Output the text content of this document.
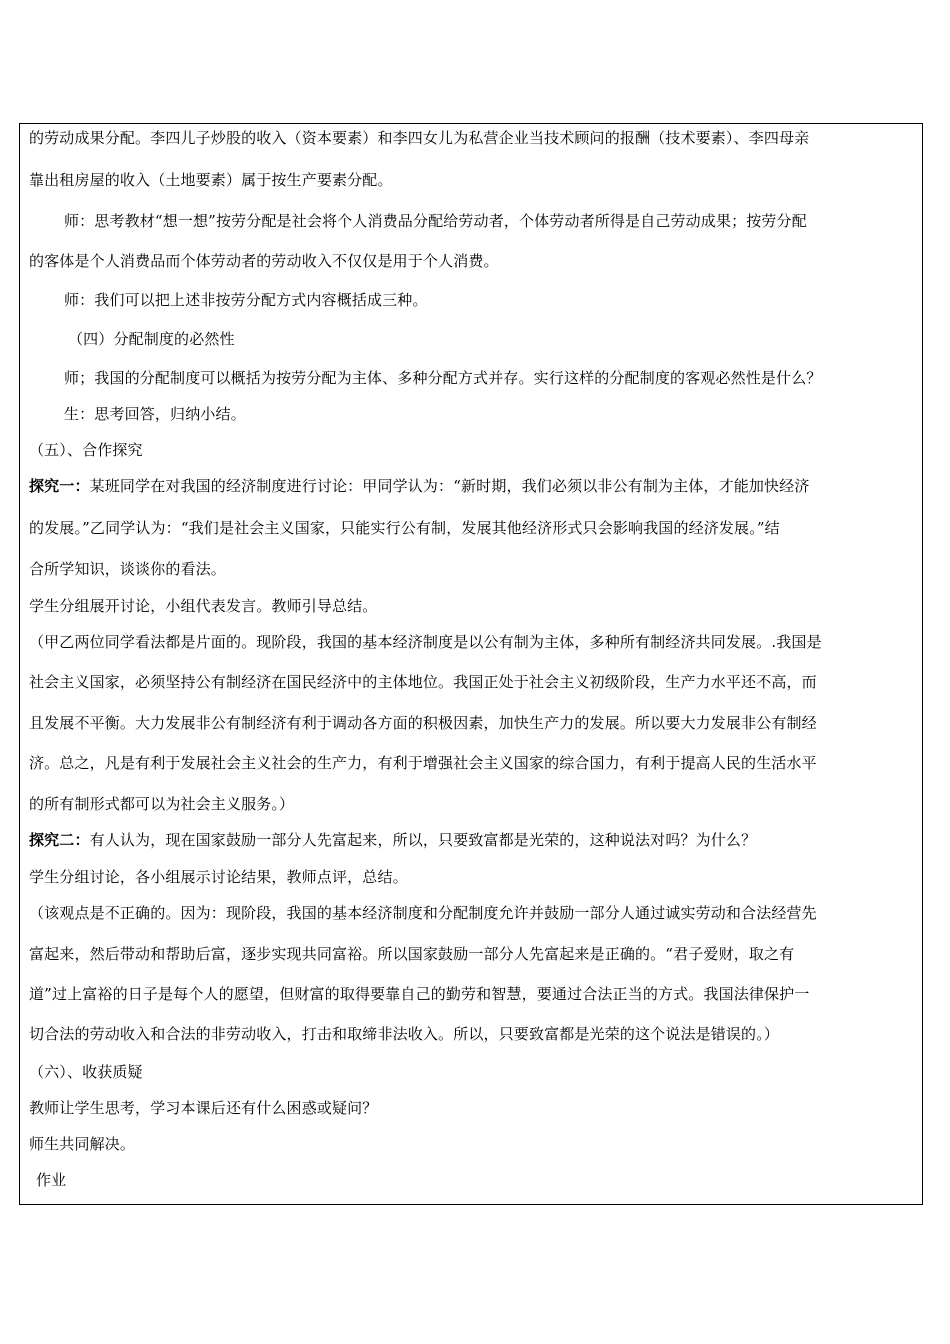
的劳动成果分配。李四儿子炒股的收入（资本要素）和李四女儿为私营企业当技术顾问的报酬（技术要素）、李四母亲
靠出租房屋的收入（土地要素）属于按生产要素分配。
师：思考教材“想一想”按劳分配是社会将个人消费品分配给劳动者，个体劳动者所得是自己劳动成果；按劳分配
的客体是个人消费品而个体劳动者的劳动收入不仅仅是用于个人消费。
师：我们可以把上述非按劳分配方式内容概括成三种。
（四）分配制度的必然性
师；我国的分配制度可以概括为按劳分配为主体、多种分配方式并存。实行这样的分配制度的客观必然性是什么？
生：思考回答，归纳小结。
（五）、合作探究
探究一：某班同学在对我国的经济制度进行讨论：甲同学认为：“新时期，我们必须以非公有制为主体，才能加快经济
的发展。”乙同学认为：“我们是社会主义国家，只能实行公有制，发展其他经济形式只会影响我国的经济发展。”结
合所学知识，谈谈你的看法。
学生分组展开讨论，小组代表发言。教师引导总结。
（甲乙两位同学看法都是片面的。现阶段，我国的基本经济制度是以公有制为主体，多种所有制经济共同发展。.我国是
社会主义国家，必须坚持公有制经济在国民经济中的主体地位。我国正处于社会主义初级阶段，生产力水平还不高，而
且发展不平衡。大力发展非公有制经济有利于调动各方面的积极因素，加快生产力的发展。所以要大力发展非公有制经
济。总之，凡是有利于发展社会主义社会的生产力，有利于增强社会主义国家的综合国力，有利于提高人民的生活水平
的所有制形式都可以为社会主义服务。）
探究二：有人认为，现在国家鼓励一部分人先富起来，所以，只要致富都是光荣的，这种说法对吗？为什么？
学生分组讨论，各小组展示讨论结果，教师点评，总结。
（该观点是不正确的。因为：现阶段，我国的基本经济制度和分配制度允许并鼓励一部分人通过诚实劳动和合法经营先
富起来，然后带动和帮助后富，逐步实现共同富裕。所以国家鼓励一部分人先富起来是正确的。“君子爱财，取之有
道”过上富裕的日子是每个人的愿望，但财富的取得要靠自己的勤劳和智慧，要通过合法正当的方式。我国法律保护一
切合法的劳动收入和合法的非劳动收入，打击和取缔非法收入。所以，只要致富都是光荣的这个说法是错误的。）
（六）、收获质疑
教师让学生思考，学习本课后还有什么困惑或疑问？
师生共同解决。
作业
